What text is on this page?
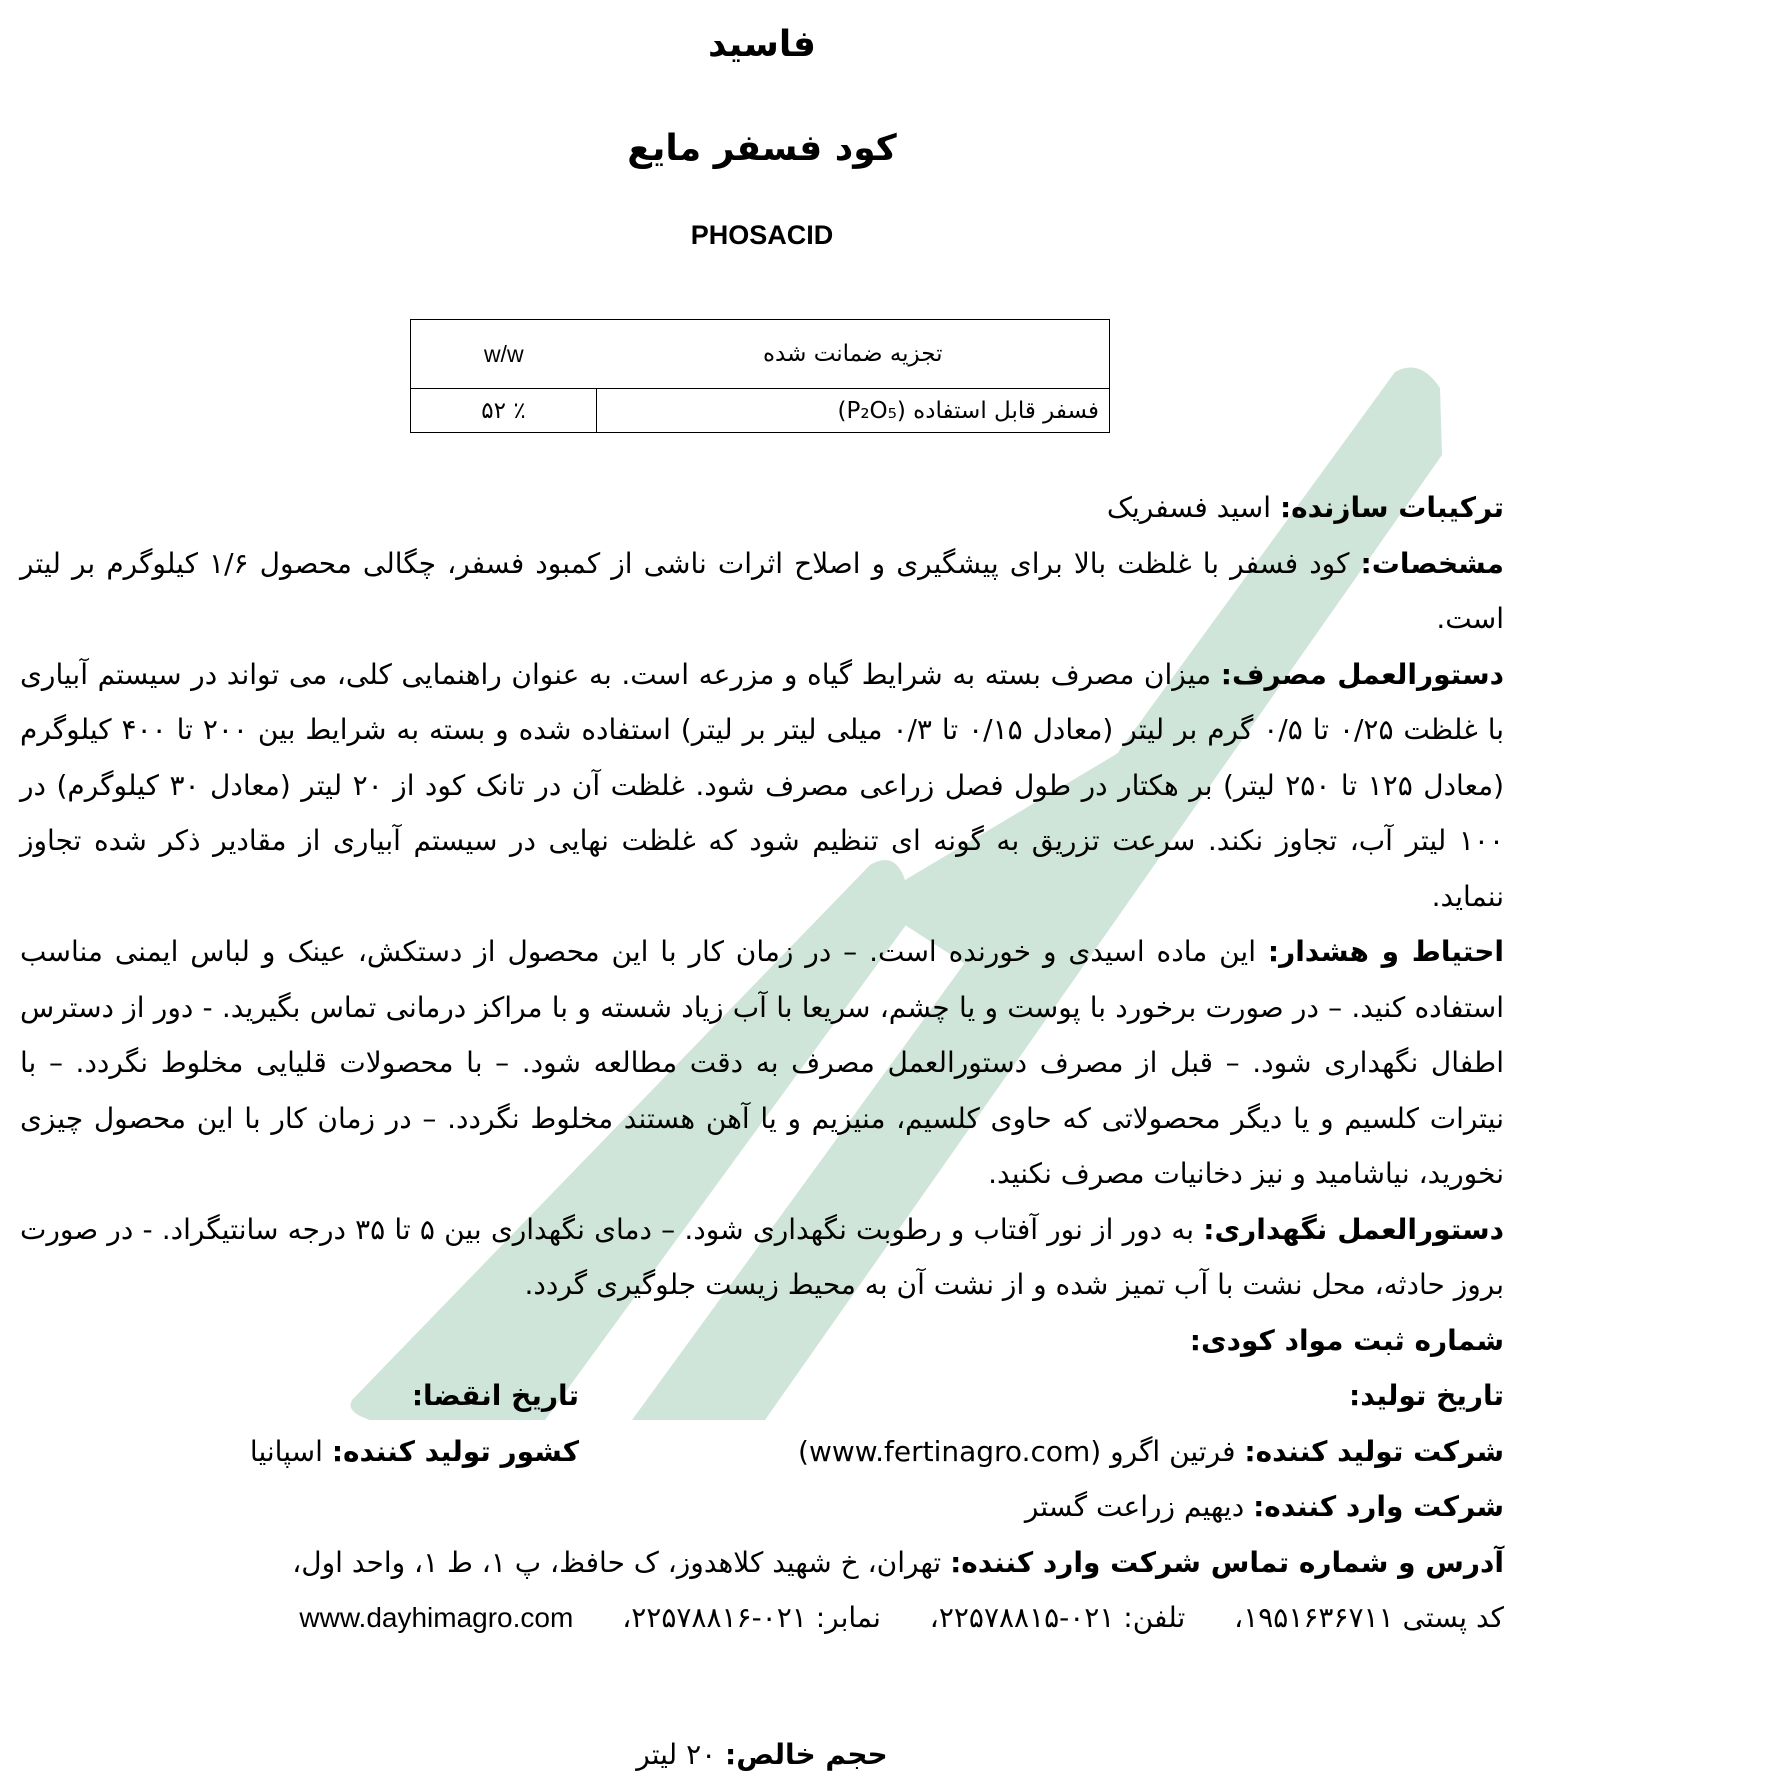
فاسید
کود فسفر مایع
PHOSACID
تجزیه ضمانت شده	w/w
فسفر قابل استفاده (P₂O₅)	٪ ۵۲

ترکیبات سازنده: اسید فسفریک

مشخصات: کود فسفر با غلظت بالا برای پیشگیری و اصلاح اثرات ناشی از کمبود فسفر، چگالی محصول ۱/۶ کیلوگرم بر لیتر است.

دستورالعمل مصرف: میزان مصرف بسته به شرایط گیاه و مزرعه است. به عنوان راهنمایی کلی، می تواند در سیستم آبیاری با غلظت ۰/۲۵ تا ۰/۵ گرم بر لیتر (معادل ۰/۱۵ تا ۰/۳ میلی لیتر بر لیتر) استفاده شده و بسته به شرایط بین ۲۰۰ تا ۴۰۰ کیلوگرم (معادل ۱۲۵ تا ۲۵۰ لیتر) بر هکتار در طول فصل زراعی مصرف شود. غلظت آن در تانک کود از ۲۰ لیتر (معادل ۳۰ کیلوگرم) در ۱۰۰ لیتر آب، تجاوز نکند. سرعت تزریق به گونه ای تنظیم شود که غلظت نهایی در سیستم آبیاری از مقادیر ذکر شده تجاوز ننماید.

احتیاط و هشدار: این ماده اسیدی و خورنده است. – در زمان کار با این محصول از دستکش، عینک و لباس ایمنی مناسب استفاده کنید. – در صورت برخورد با پوست و یا چشم، سریعا با آب زیاد شسته و با مراکز درمانی تماس بگیرید. - دور از دسترس اطفال نگهداری شود. – قبل از مصرف دستورالعمل مصرف به دقت مطالعه شود. – با محصولات قلیایی مخلوط نگردد. – با نیترات کلسیم و یا دیگر محصولاتی که حاوی کلسیم، منیزیم و یا آهن هستند مخلوط نگردد. – در زمان کار با این محصول چیزی نخورید، نیاشامید و نیز دخانیات مصرف نکنید.

دستورالعمل نگهداری: به دور از نور آفتاب و رطوبت نگهداری شود. – دمای نگهداری بین ۵ تا ۳۵ درجه سانتیگراد. - در صورت بروز حادثه، محل نشت با آب تمیز شده و از نشت آن به محیط زیست جلوگیری گردد.

شماره ثبت مواد کودی:

تاریخ تولید:
تاریخ انقضا:
شرکت تولید کننده: فرتین اگرو (www.fertinagro.com)
کشور تولید کننده: اسپانیا

شرکت وارد کننده: دیهیم زراعت گستر

آدرس و شماره تماس شرکت وارد کننده: تهران، خ شهید کلاهدوز، ک حافظ، پ ۱، ط ۱، واحد اول،

کد پستی ۱۹۵۱۶۳۶۷۱۱، تلفن: ۰۲۱-۲۲۵۷۸۸۱۵، نمابر: ۰۲۱-۲۲۵۷۸۸۱۶، www.dayhimagro.com

حجم خالص: ۲۰ لیتر
